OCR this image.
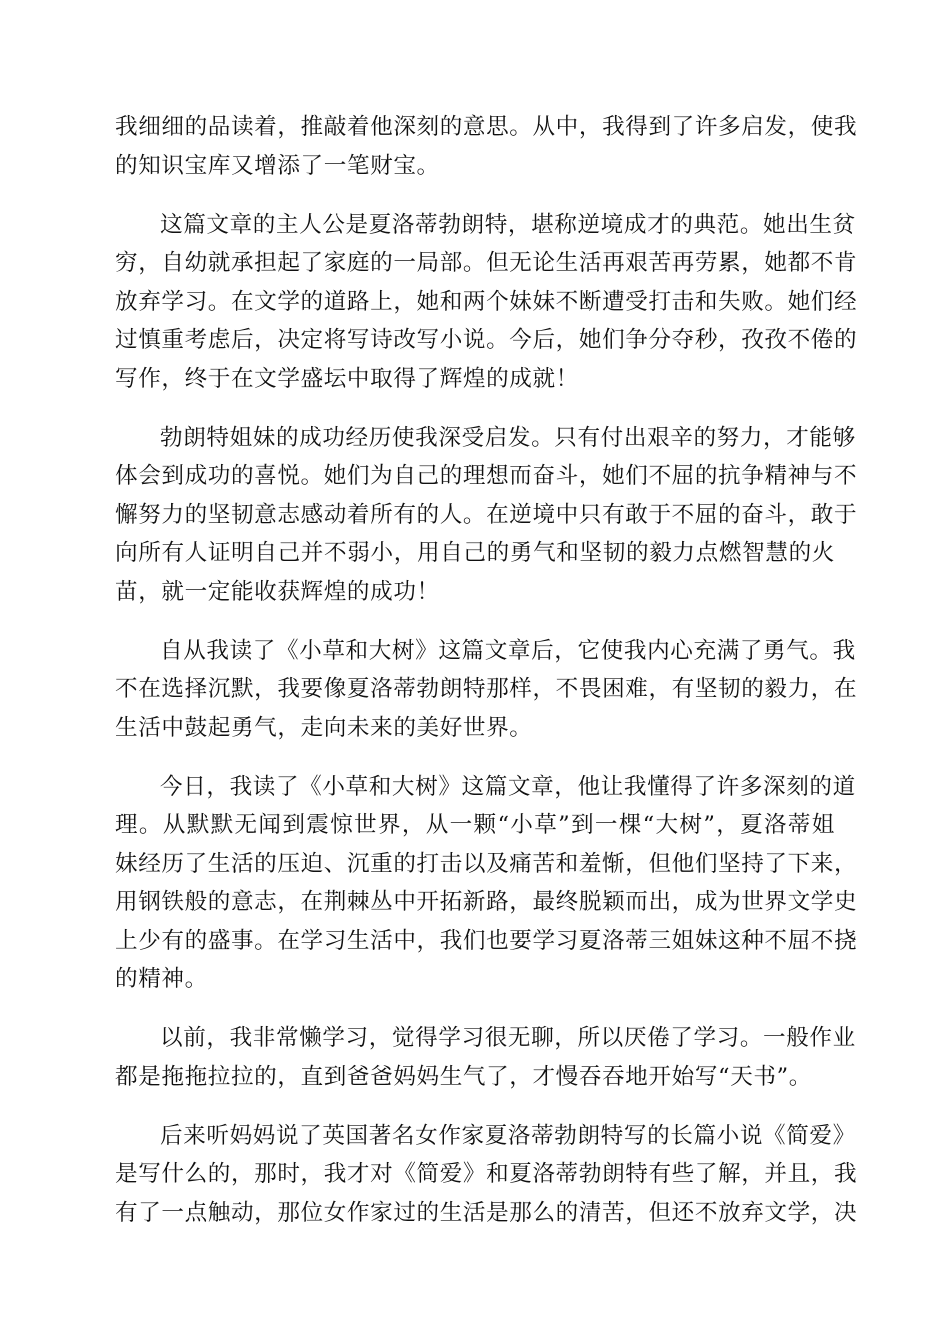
我细细的品读着，推敲着他深刻的意思。从中，我得到了许多启发，使我
的知识宝库又增添了一笔财宝。

这篇文章的主人公是夏洛蒂勃朗特，堪称逆境成才的典范。她出生贫
穷，自幼就承担起了家庭的一局部。但无论生活再艰苦再劳累，她都不肯
放弃学习。在文学的道路上，她和两个妹妹不断遭受打击和失败。她们经
过慎重考虑后，决定将写诗改写小说。今后，她们争分夺秒，孜孜不倦的
写作，终于在文学盛坛中取得了辉煌的成就！

勃朗特姐妹的成功经历使我深受启发。只有付出艰辛的努力，才能够
体会到成功的喜悦。她们为自己的理想而奋斗，她们不屈的抗争精神与不
懈努力的坚韧意志感动着所有的人。在逆境中只有敢于不屈的奋斗，敢于
向所有人证明自己并不弱小，用自己的勇气和坚韧的毅力点燃智慧的火
苗，就一定能收获辉煌的成功！

自从我读了《小草和大树》这篇文章后，它使我内心充满了勇气。我
不在选择沉默，我要像夏洛蒂勃朗特那样，不畏困难，有坚韧的毅力，在
生活中鼓起勇气，走向未来的美好世界。

今日，我读了《小草和大树》这篇文章，他让我懂得了许多深刻的道
理。从默默无闻到震惊世界，从一颗“小草”到一棵“大树”，夏洛蒂姐
妹经历了生活的压迫、沉重的打击以及痛苦和羞惭，但他们坚持了下来，
用钢铁般的意志，在荆棘丛中开拓新路，最终脱颖而出，成为世界文学史
上少有的盛事。在学习生活中，我们也要学习夏洛蒂三姐妹这种不屈不挠
的精神。

以前，我非常懒学习，觉得学习很无聊，所以厌倦了学习。一般作业
都是拖拖拉拉的，直到爸爸妈妈生气了，才慢吞吞地开始写“天书”。

后来听妈妈说了英国著名女作家夏洛蒂勃朗特写的长篇小说《简爱》
是写什么的，那时，我才对《简爱》和夏洛蒂勃朗特有些了解，并且，我
有了一点触动，那位女作家过的生活是那么的清苦，但还不放弃文学，决
